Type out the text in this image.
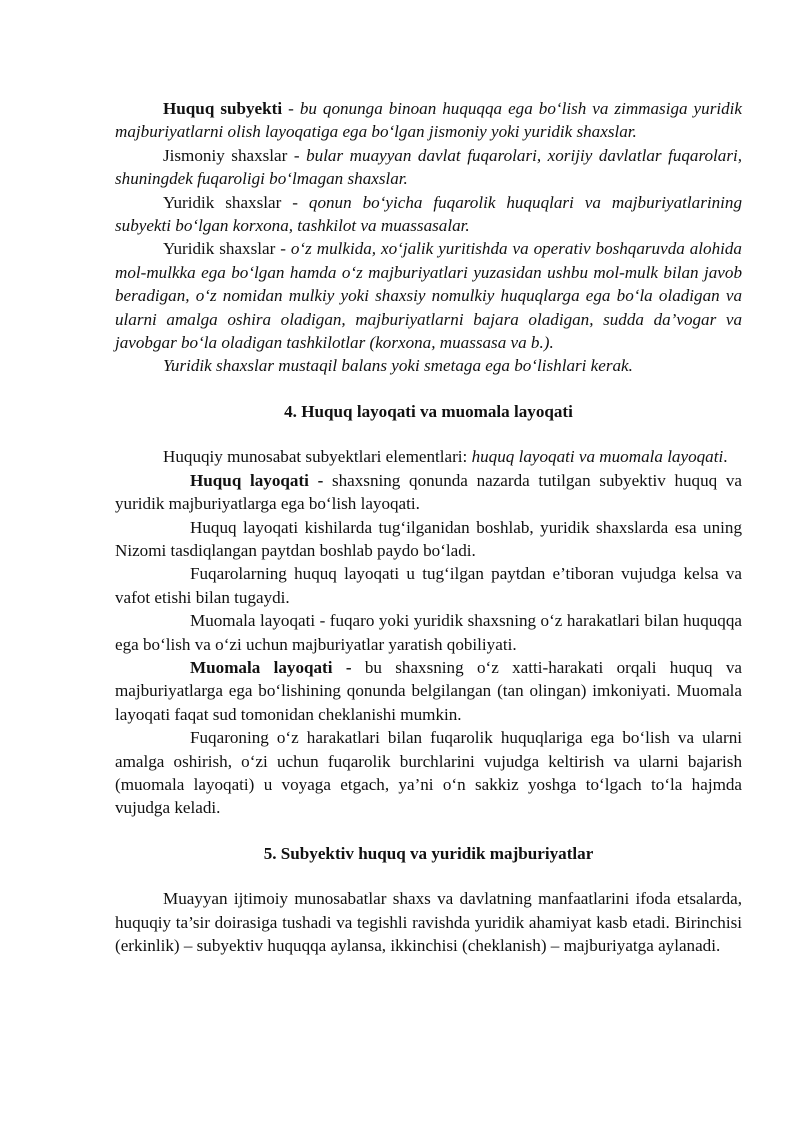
Huquq subyekti - bu qonunga binoan huquqqa ega bo‘lish va zimmasiga yuridik majburiyatlarni olish layoqatiga ega bo‘lgan jismoniy yoki yuridik shaxslar.

Jismoniy shaxslar - bular muayyan davlat fuqarolari, xorijiy davlatlar fuqarolari, shuningdek fuqaroligi bo‘lmagan shaxslar.

Yuridik shaxslar - qonun bo‘yicha fuqarolik huquqlari va majburiyatlarining subyekti bo‘lgan korxona, tashkilot va muassasalar.

Yuridik shaxslar - o‘z mulkida, xo‘jalik yuritishda va operativ boshqaruvda alohida mol-mulkka ega bo‘lgan hamda o‘z majburiyatlari yuzasidan ushbu mol-mulk bilan javob beradigan, o‘z nomidan mulkiy yoki shaxsiy nomulkiy huquqlarga ega bo‘la oladigan va ularni amalga oshira oladigan, majburiyatlarni bajara oladigan, sudda da’vogar va javobgar bo‘la oladigan tashkilotlar (korxona, muassasa va b.).

Yuridik shaxslar mustaqil balans yoki smetaga ega bo‘lishlari kerak.

4. Huquq layoqati va muomala layoqati

Huquqiy munosabat subyektlari elementlari: huquq layoqati va muomala layoqati.

Huquq layoqati - shaxsning qonunda nazarda tutilgan subyektiv huquq va yuridik majburiyatlarga ega bo‘lish layoqati.

Huquq layoqati kishilarda tug‘ilganidan boshlab, yuridik shaxslarda esa uning Nizomi tasdiqlangan paytdan boshlab paydo bo‘ladi.

Fuqarolarning huquq layoqati u tug‘ilgan paytdan e’tiboran vujudga kelsa va vafot etishi bilan tugaydi.

Muomala layoqati - fuqaro yoki yuridik shaxsning o‘z harakatlari bilan huquqqa ega bo‘lish va o‘zi uchun majburiyatlar yaratish qobiliyati.

Muomala layoqati - bu shaxsning o‘z xatti-harakati orqali huquq va majburiyatlarga ega bo‘lishining qonunda belgilangan (tan olingan) imkoniyati. Muomala layoqati faqat sud tomonidan cheklanishi mumkin.

Fuqaroning o‘z harakatlari bilan fuqarolik huquqlariga ega bo‘lish va ularni amalga oshirish, o‘zi uchun fuqarolik burchlarini vujudga keltirish va ularni bajarish (muomala layoqati) u voyaga etgach, ya’ni o‘n sakkiz yoshga to‘lgach to‘la hajmda vujudga keladi.

5. Subyektiv huquq va yuridik majburiyatlar

Muayyan ijtimoiy munosabatlar shaxs va davlatning manfaatlarini ifoda etsalarda, huquqiy ta’sir doirasiga tushadi va tegishli ravishda yuridik ahamiyat kasb etadi. Birinchisi (erkinlik) – subyektiv huquqqa aylansa, ikkinchisi (cheklanish) – majburiyatga aylanadi.
